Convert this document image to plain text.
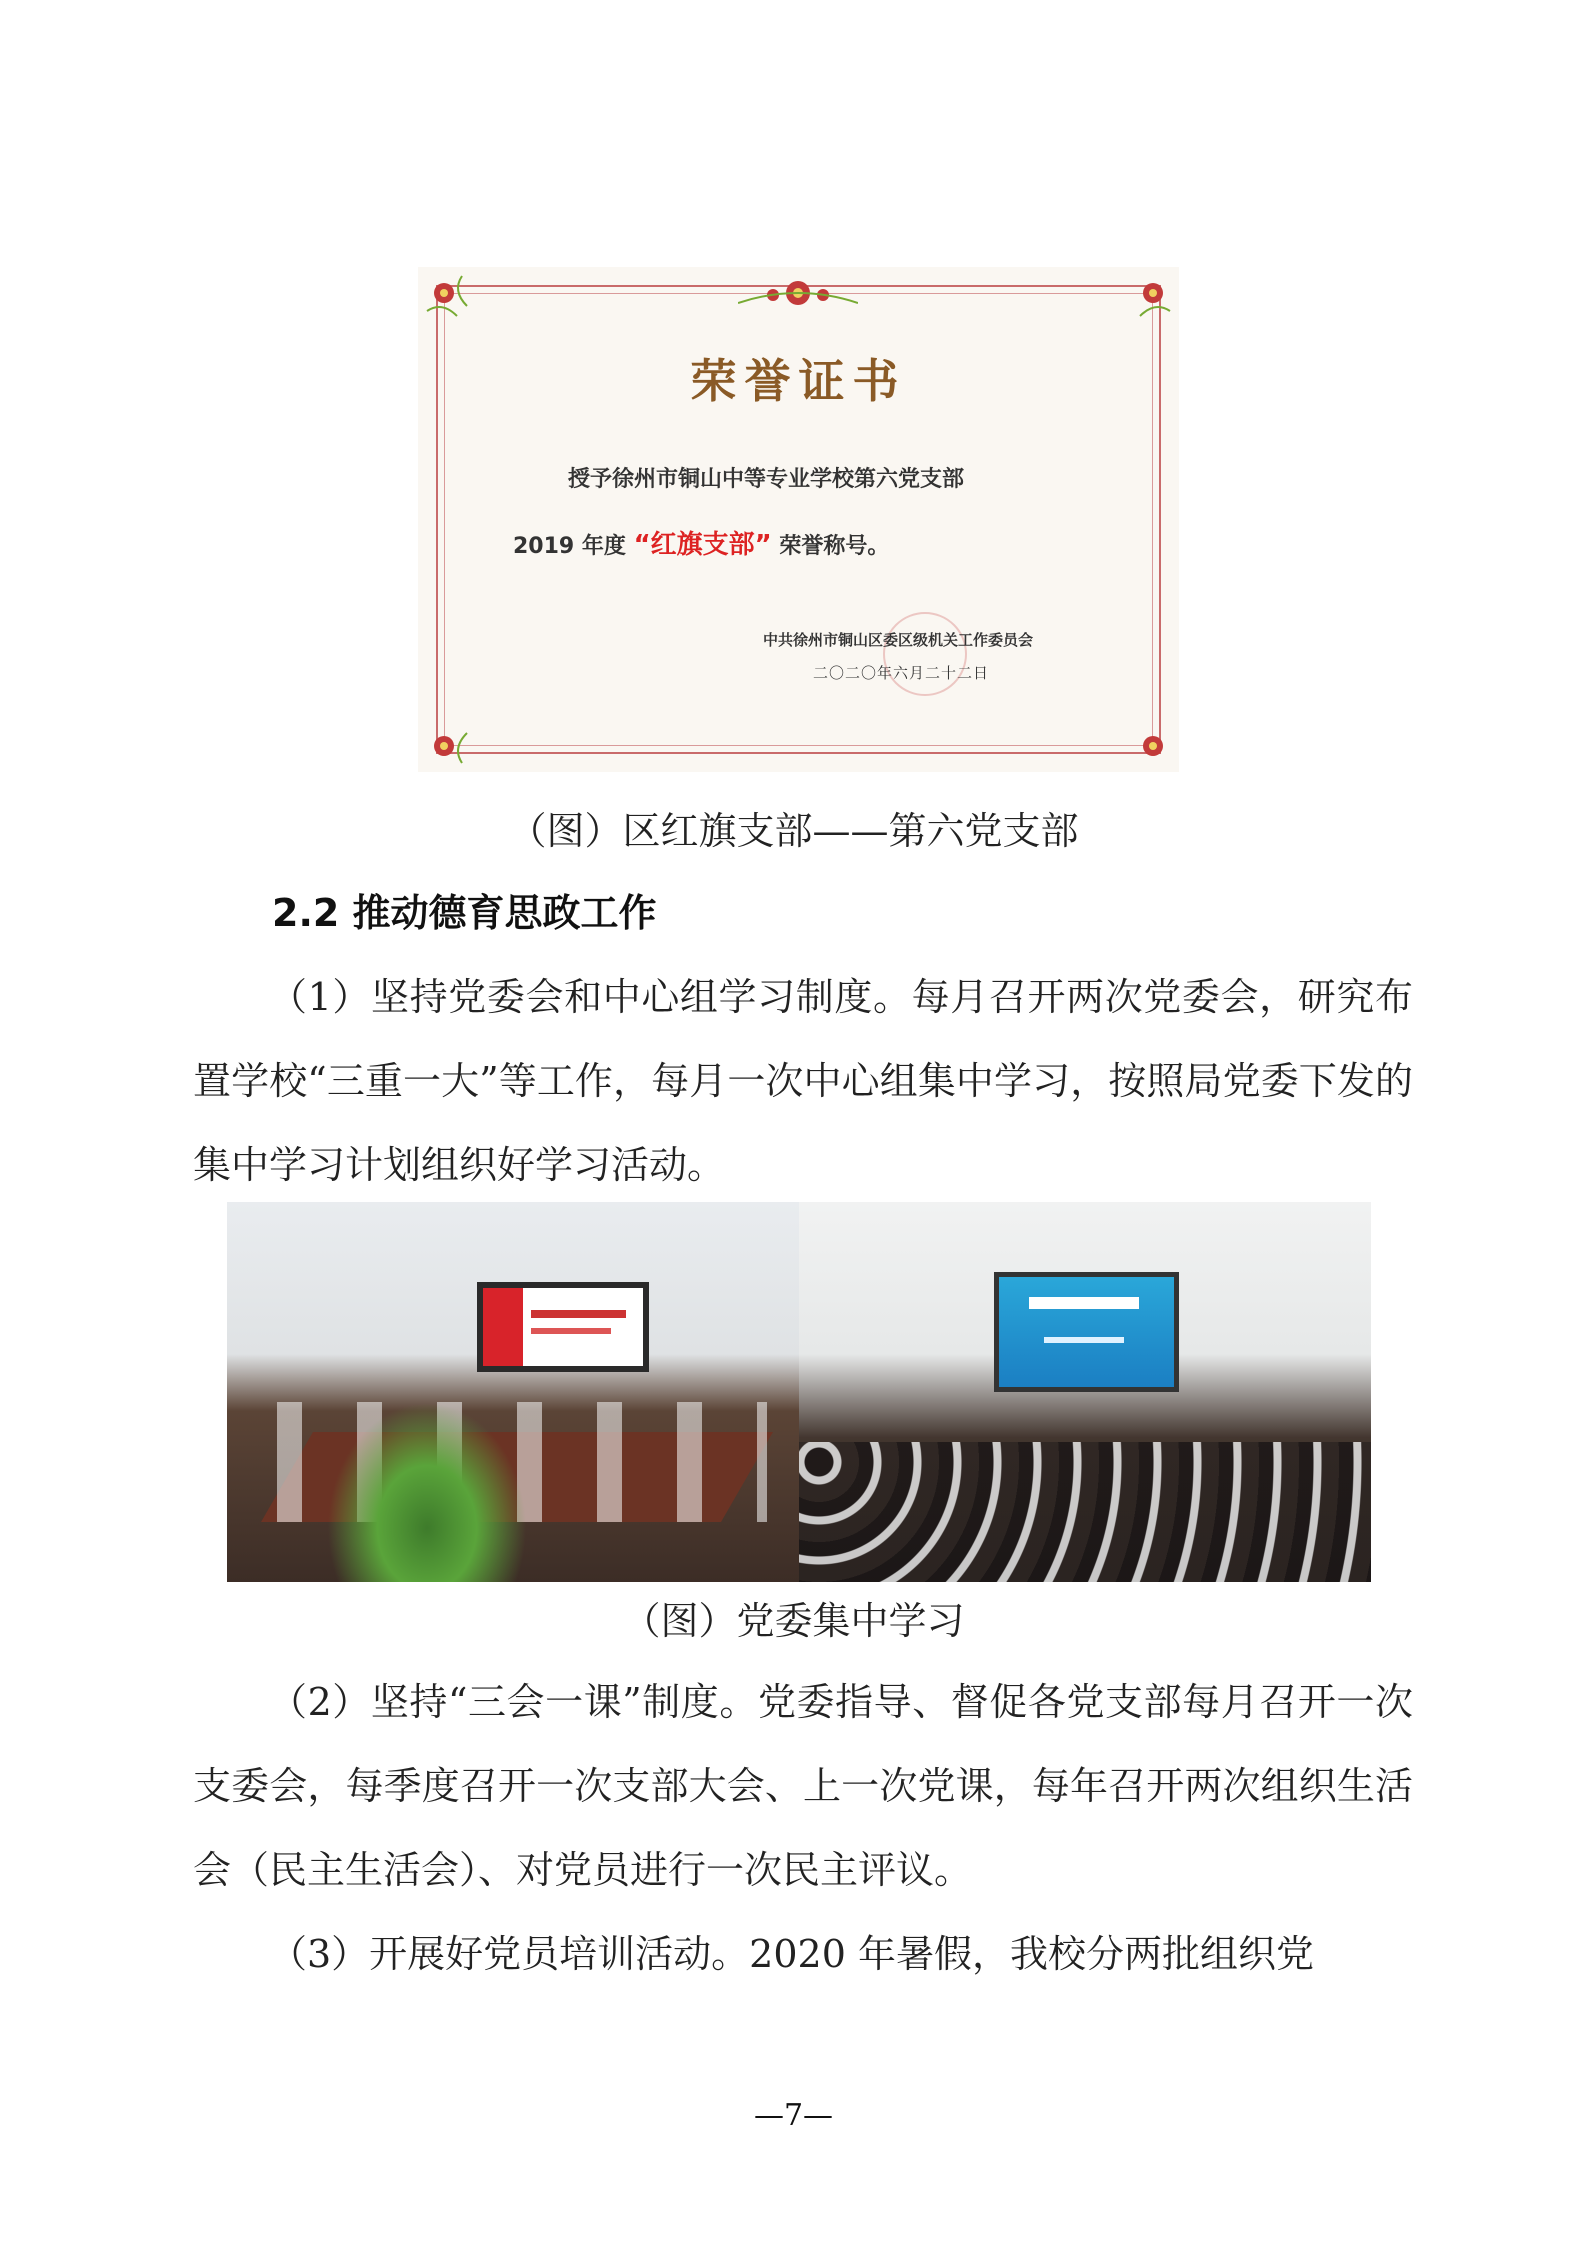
荣誉证书
授予徐州市铜山中等专业学校第六党支部
2019 年度 “红旗支部” 荣誉称号。
中共徐州市铜山区委区级机关工作委员会
二〇二〇年六月二十二日
（图）区红旗支部——第六党支部
2.2 推动德育思政工作
（1）坚持党委会和中心组学习制度。每月召开两次党委会，研究布置学校“三重一大”等工作，每月一次中心组集中学习，按照局党委下发的集中学习计划组织好学习活动。
（图）党委集中学习
（2）坚持“三会一课”制度。党委指导、督促各党支部每月召开一次支委会，每季度召开一次支部大会、上一次党课，每年召开两次组织生活会（民主生活会）、对党员进行一次民主评议。
（3）开展好党员培训活动。2020 年暑假，我校分两批组织党
—7—
